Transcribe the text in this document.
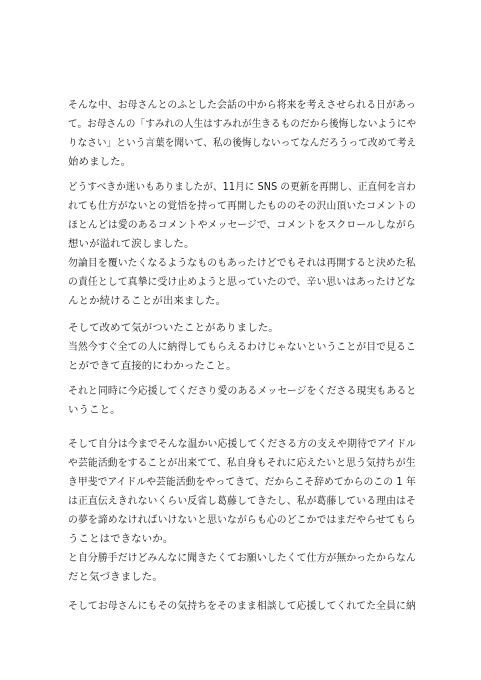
そんな中、お母さんとのふとした会話の中から将来を考えさせられる日があっ
て。お母さんの「すみれの人生はすみれが生きるものだから後悔しないようにや
りなさい」という言葉を聞いて、私の後悔しないってなんだろうって改めて考え
始めました。
どうすべきか迷いもありましたが、11月に SNS の更新を再開し、正直何を言わ
れても仕方がないとの覚悟を持って再開したもののその沢山頂いたコメントの
ほとんどは愛のあるコメントやメッセージで、コメントをスクロールしながら
想いが溢れて涙しました。
勿論目を覆いたくなるようなものもあったけどでもそれは再開すると決めた私
の責任として真摯に受け止めようと思っていたので、辛い思いはあったけどな
んとか続けることが出来ました。
そして改めて気がついたことがありました。
当然今すぐ全ての人に納得してもらえるわけじゃないということが目で見るこ
とができて直接的にわかったこと。
それと同時に今応援してくださり愛のあるメッセージをくださる現実もあると
いうこと。
そして自分は今までそんな温かい応援してくださる方の支えや期待でアイドル
や芸能活動をすることが出来てて、私自身もそれに応えたいと思う気持ちが生
き甲斐でアイドルや芸能活動をやってきて、だからこそ辞めてからのこの 1 年
は正直伝えきれないくらい反省し葛藤してきたし、私が葛藤している理由はそ
の夢を諦めなければいけないと思いながらも心のどこかではまだやらせてもら
うことはできないか。
と自分勝手だけどみんなに聞きたくてお願いしたくて仕方が無かったからなん
だと気づきました。
そしてお母さんにもその気持ちをそのまま相談して応援してくれてた全員に納
